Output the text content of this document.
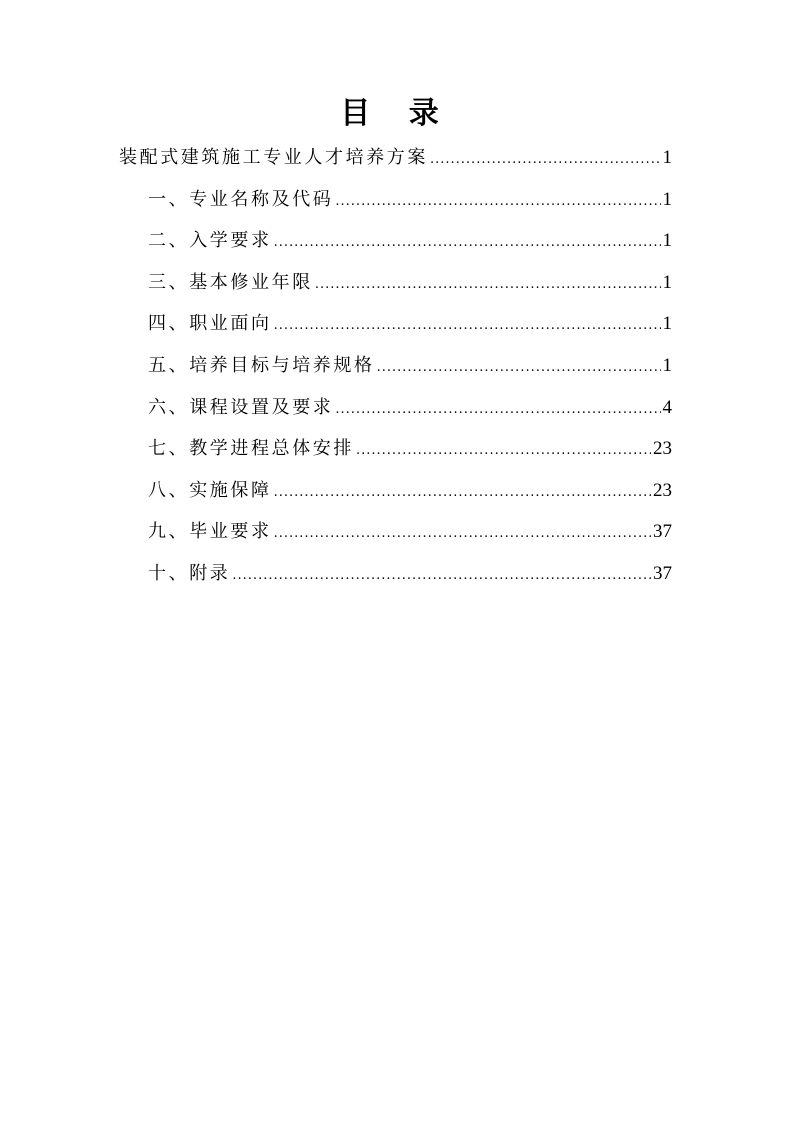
目 录
装配式建筑施工专业人才培养方案 .....	1
一、专业名称及代码 .....	1
二、入学要求 .....	1
三、基本修业年限 .....	1
四、职业面向 .....	1
五、培养目标与培养规格 .....	1
六、课程设置及要求 .....	4
七、教学进程总体安排 .....	23
八、实施保障 .....	23
九、毕业要求 .....	37
十、附录 .....	37
